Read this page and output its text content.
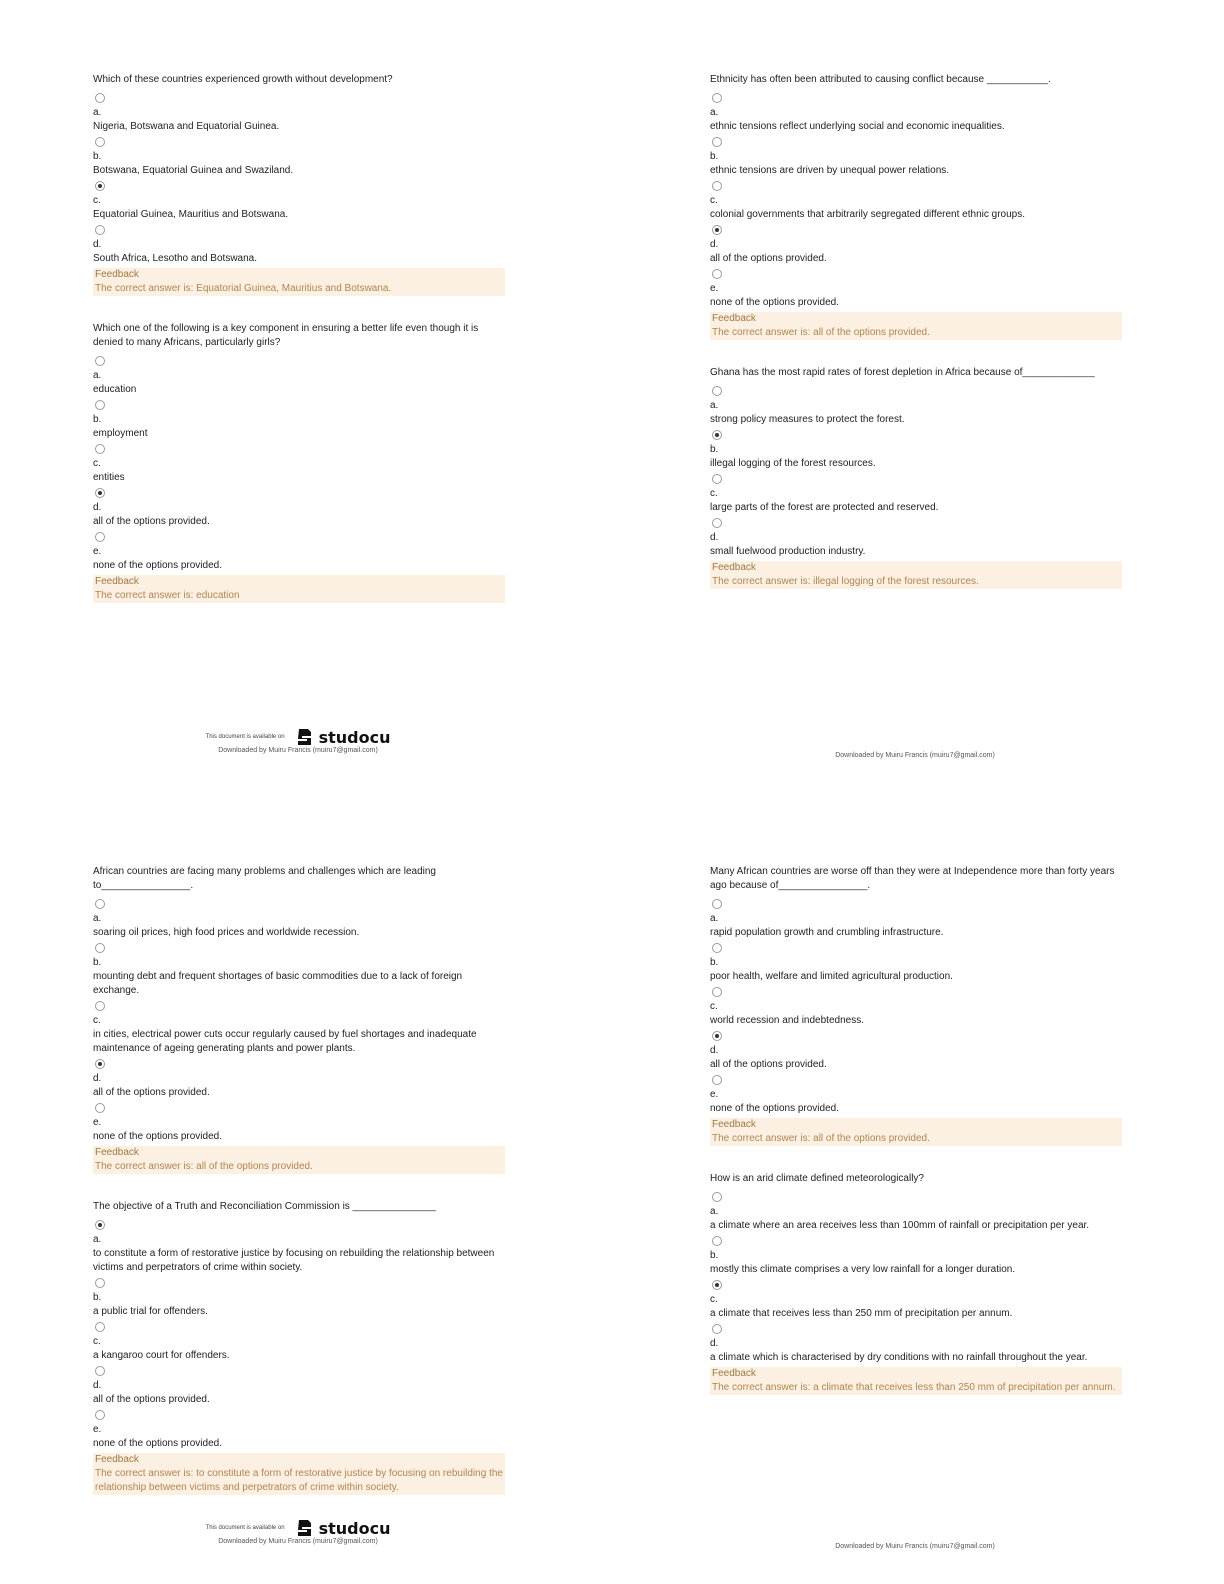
Which of these countries experienced growth without development?
a.
Nigeria, Botswana and Equatorial Guinea.
b.
Botswana, Equatorial Guinea and Swaziland.
c.
Equatorial Guinea, Mauritius and Botswana.
d.
South Africa, Lesotho and Botswana.
Feedback
The correct answer is: Equatorial Guinea, Mauritius and Botswana.
Which one of the following is a key component in ensuring a better life even though it is denied to many Africans, particularly girls?
a.
education
b.
employment
c.
entities
d.
all of the options provided.
e.
none of the options provided.
Feedback
The correct answer is: education
Ethnicity has often been attributed to causing conflict because ___________.
a.
ethnic tensions reflect underlying social and economic inequalities.
b.
ethnic tensions are driven by unequal power relations.
c.
colonial governments that arbitrarily segregated different ethnic groups.
d.
all of the options provided.
e.
none of the options provided.
Feedback
The correct answer is: all of the options provided.
Ghana has the most rapid rates of forest depletion in Africa because of_____________
a.
strong policy measures to protect the forest.
b.
illegal logging of the forest resources.
c.
large parts of the forest are protected and reserved.
d.
small fuelwood production industry.
Feedback
The correct answer is: illegal logging of the forest resources.
This document is available on studocu
Downloaded by Muiru Francis (muiru7@gmail.com)
Downloaded by Muiru Francis (muiru7@gmail.com)
African countries are facing many problems and challenges which are leading to________________.
a.
soaring oil prices, high food prices and worldwide recession.
b.
mounting debt and frequent shortages of basic commodities due to a lack of foreign exchange.
c.
in cities, electrical power cuts occur regularly caused by fuel shortages and inadequate maintenance of ageing generating plants and power plants.
d.
all of the options provided.
e.
none of the options provided.
Feedback
The correct answer is: all of the options provided.
The objective of a Truth and Reconciliation Commission is _______________
a.
to constitute a form of restorative justice by focusing on rebuilding the relationship between victims and perpetrators of crime within society.
b.
a public trial for offenders.
c.
a kangaroo court for offenders.
d.
all of the options provided.
e.
none of the options provided.
Feedback
The correct answer is: to constitute a form of restorative justice by focusing on rebuilding the relationship between victims and perpetrators of crime within society.
Many African countries are worse off than they were at Independence more than forty years ago because of________________.
a.
rapid population growth and crumbling infrastructure.
b.
poor health, welfare and limited agricultural production.
c.
world recession and indebtedness.
d.
all of the options provided.
e.
none of the options provided.
Feedback
The correct answer is: all of the options provided.
How is an arid climate defined meteorologically?
a.
a climate where an area receives less than 100mm of rainfall or precipitation per year.
b.
mostly this climate comprises a very low rainfall for a longer duration.
c.
a climate that receives less than 250 mm of precipitation per annum.
d.
a climate which is characterised by dry conditions with no rainfall throughout the year.
Feedback
The correct answer is: a climate that receives less than 250 mm of precipitation per annum.
This document is available on studocu
Downloaded by Muiru Francis (muiru7@gmail.com)
Downloaded by Muiru Francis (muiru7@gmail.com)
